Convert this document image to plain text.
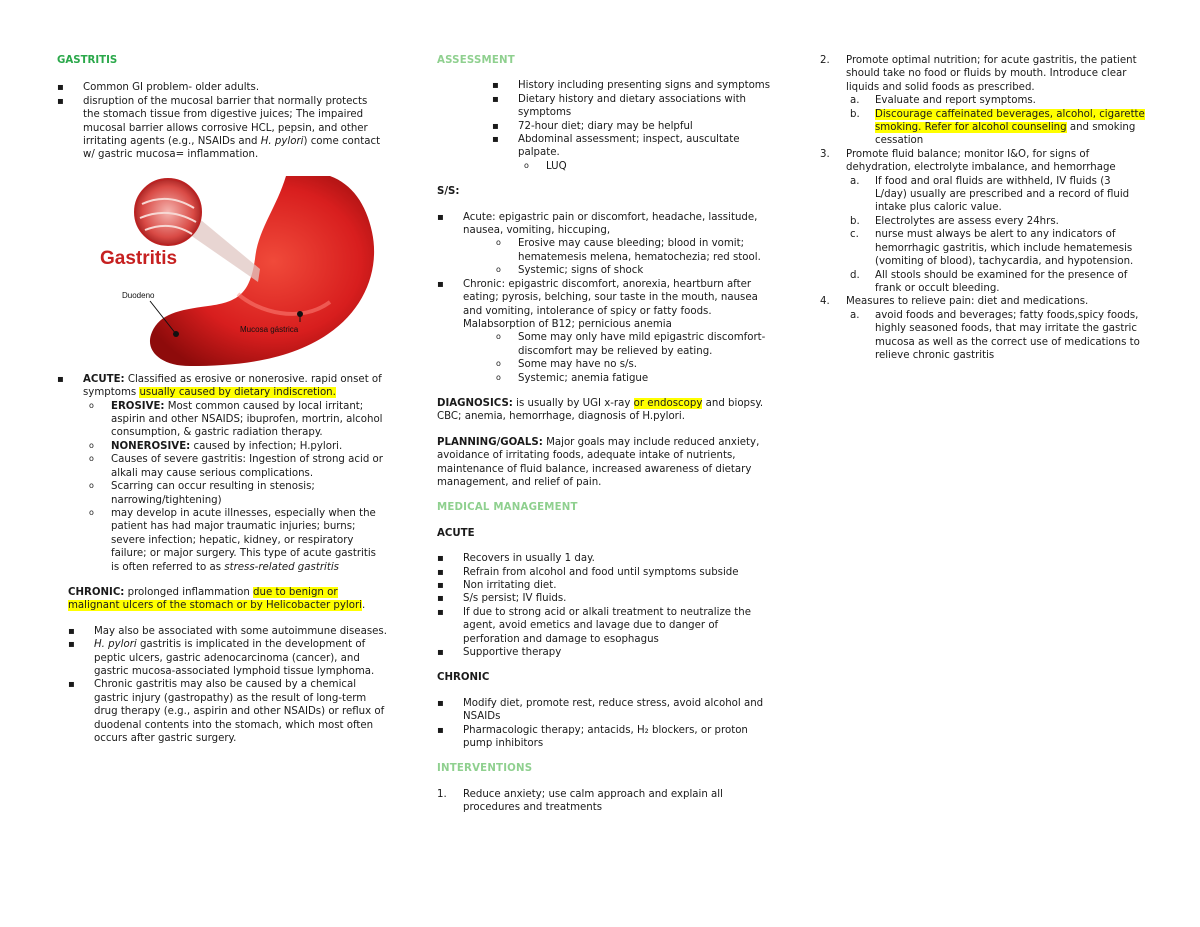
GASTRITIS
▪ Common GI problem- older adults.
▪ disruption of the mucosal barrier that normally protects the stomach tissue from digestive juices; The impaired mucosal barrier allows corrosive HCL, pepsin, and other irritating agents (e.g., NSAIDs and H. pylori) come contact w/ gastric mucosa= inflammation.
Gastritis
Duodeno
Mucosa gástrica
▪ ACUTE: Classified as erosive or nonerosive. rapid onset of symptoms usually caused by dietary indiscretion.
o EROSIVE: Most common caused by local irritant; aspirin and other NSAIDS; ibuprofen, mortrin, alcohol consumption, & gastric radiation therapy.
o NONEROSIVE: caused by infection; H.pylori.
o Causes of severe gastritis: Ingestion of strong acid or alkali may cause serious complications.
o Scarring can occur resulting in stenosis; narrowing/tightening)
o may develop in acute illnesses, especially when the patient has had major traumatic injuries; burns; severe infection; hepatic, kidney, or respiratory failure; or major surgery. This type of acute gastritis is often referred to as stress-related gastritis

CHRONIC: prolonged inflammation due to benign or malignant ulcers of the stomach or by Helicobacter pylori.

▪ May also be associated with some autoimmune diseases.
▪ H. pylori gastritis is implicated in the development of peptic ulcers, gastric adenocarcinoma (cancer), and gastric mucosa-associated lymphoid tissue lymphoma.
▪ Chronic gastritis may also be caused by a chemical gastric injury (gastropathy) as the result of long-term drug therapy (e.g., aspirin and other NSAIDs) or reflux of duodenal contents into the stomach, which most often occurs after gastric surgery.
ASSESSMENT
▪ History including presenting signs and symptoms
▪ Dietary history and dietary associations with symptoms
▪ 72-hour diet; diary may be helpful
▪ Abdominal assessment; inspect, auscultate palpate.
o LUQ
S/S:
▪ Acute: epigastric pain or discomfort, headache, lassitude, nausea, vomiting, hiccuping,
o Erosive may cause bleeding; blood in vomit; hematemesis melena, hematochezia; red stool.
o Systemic; signs of shock
▪ Chronic: epigastric discomfort, anorexia, heartburn after eating; pyrosis, belching, sour taste in the mouth, nausea and vomiting, intolerance of spicy or fatty foods. Malabsorption of B12; pernicious anemia
o Some may only have mild epigastric discomfort- discomfort may be relieved by eating.
o Some may have no s/s.
o Systemic; anemia fatigue

DIAGNOSICS: is usually by UGI x-ray or endoscopy and biopsy. CBC; anemia, hemorrhage, diagnosis of H.pylori.

PLANNING/GOALS: Major goals may include reduced anxiety, avoidance of irritating foods, adequate intake of nutrients, maintenance of fluid balance, increased awareness of dietary management, and relief of pain.

MEDICAL MANAGEMENT
ACUTE
▪ Recovers in usually 1 day.
▪ Refrain from alcohol and food until symptoms subside
▪ Non irritating diet.
▪ S/s persist; IV fluids.
▪ If due to strong acid or alkali treatment to neutralize the agent, avoid emetics and lavage due to danger of perforation and damage to esophagus
▪ Supportive therapy
CHRONIC
▪ Modify diet, promote rest, reduce stress, avoid alcohol and NSAIDs
▪ Pharmacologic therapy; antacids, H₂ blockers, or proton pump inhibitors
INTERVENTIONS
1. Reduce anxiety; use calm approach and explain all procedures and treatments
2. Promote optimal nutrition; for acute gastritis, the patient should take no food or fluids by mouth. Introduce clear liquids and solid foods as prescribed.
a. Evaluate and report symptoms.
b. Discourage caffeinated beverages, alcohol, cigarette smoking. Refer for alcohol counseling and smoking cessation
3. Promote fluid balance; monitor I&O, for signs of dehydration, electrolyte imbalance, and hemorrhage
a. If food and oral fluids are withheld, IV fluids (3 L/day) usually are prescribed and a record of fluid intake plus caloric value.
b. Electrolytes are assess every 24hrs.
c. nurse must always be alert to any indicators of hemorrhagic gastritis, which include hematemesis (vomiting of blood), tachycardia, and hypotension.
d. All stools should be examined for the presence of frank or occult bleeding.
4. Measures to relieve pain: diet and medications.
a. avoid foods and beverages; fatty foods,spicy foods, highly seasoned foods, that may irritate the gastric mucosa as well as the correct use of medications to relieve chronic gastritis
